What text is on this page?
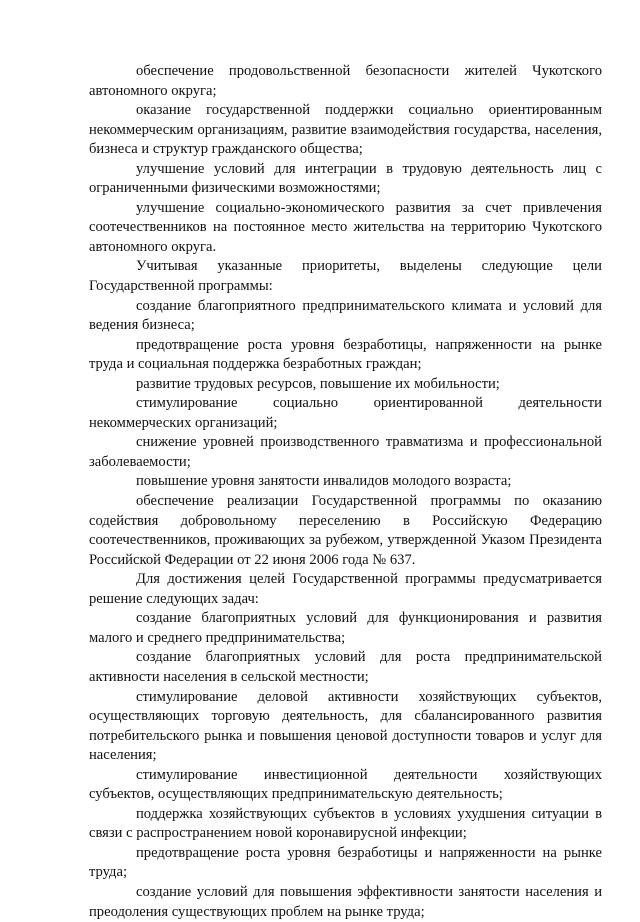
обеспечение продовольственной безопасности жителей Чукотского автономного округа;

оказание государственной поддержки социально ориентированным некоммерческим организациям, развитие взаимодействия государства, населения, бизнеса и структур гражданского общества;

улучшение условий для интеграции в трудовую деятельность лиц с ограниченными физическими возможностями;

улучшение социально-экономического развития за счет привлечения соотечественников на постоянное место жительства на территорию Чукотского автономного округа.

Учитывая указанные приоритеты, выделены следующие цели Государственной программы:

создание благоприятного предпринимательского климата и условий для ведения бизнеса;

предотвращение роста уровня безработицы, напряженности на рынке труда и социальная поддержка безработных граждан;

развитие трудовых ресурсов, повышение их мобильности;

стимулирование социально ориентированной деятельности некоммерческих организаций;

снижение уровней производственного травматизма и профессиональной заболеваемости;

повышение уровня занятости инвалидов молодого возраста;

обеспечение реализации Государственной программы по оказанию содействия добровольному переселению в Российскую Федерацию соотечественников, проживающих за рубежом, утвержденной Указом Президента Российской Федерации от 22 июня 2006 года № 637.

Для достижения целей Государственной программы предусматривается решение следующих задач:

создание благоприятных условий для функционирования и развития малого и среднего предпринимательства;

создание благоприятных условий для роста предпринимательской активности населения в сельской местности;

стимулирование деловой активности хозяйствующих субъектов, осуществляющих торговую деятельность, для сбалансированного развития потребительского рынка и повышения ценовой доступности товаров и услуг для населения;

стимулирование инвестиционной деятельности хозяйствующих субъектов, осуществляющих предпринимательскую деятельность;

поддержка хозяйствующих субъектов в условиях ухудшения ситуации в связи с распространением новой коронавирусной инфекции;

предотвращение роста уровня безработицы и напряженности на рынке труда;

создание условий для повышения эффективности занятости населения и преодоления существующих проблем на рынке труда;
